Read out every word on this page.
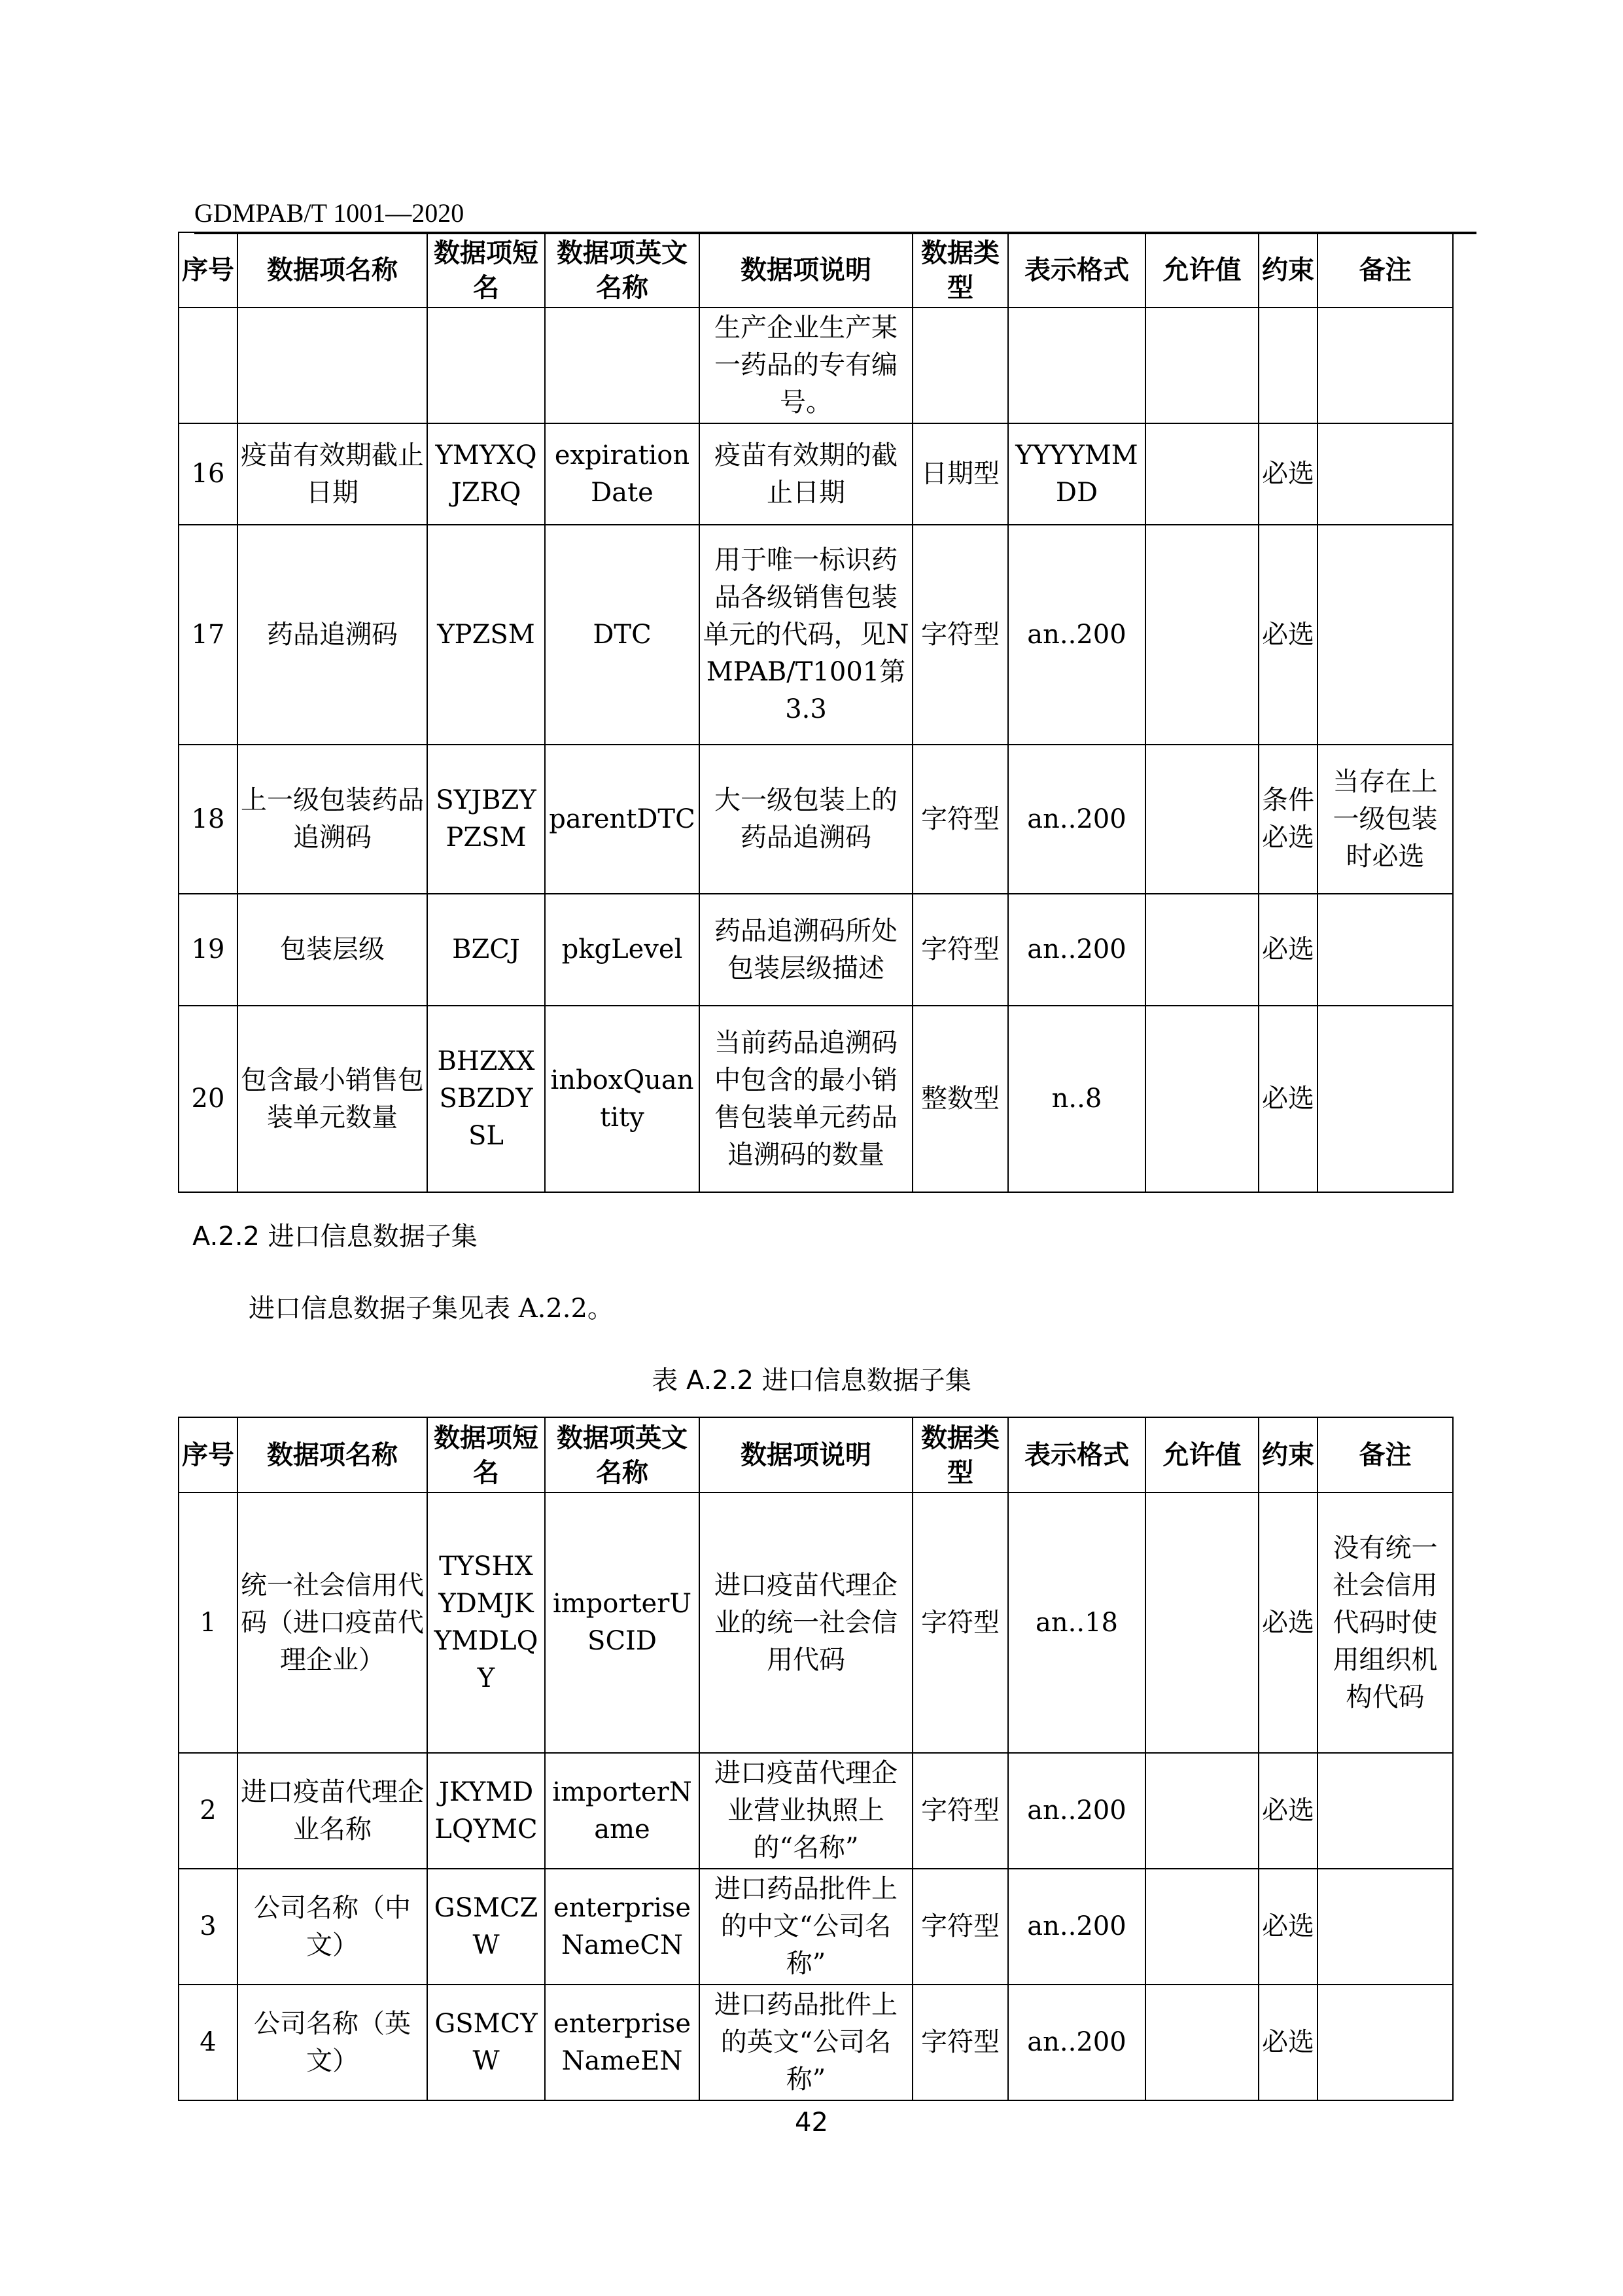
GDMPAB/T 1001—2020
序号	数据项名称	数据项短名	数据项英文名称	数据项说明	数据类型	表示格式	允许值	约束	备注
				生产企业生产某一药品的专有编号。					
16	疫苗有效期截止日期	YMYXQJZRQ	expirationDate	疫苗有效期的截止日期	日期型	YYYYMMDD		必选	
17	药品追溯码	YPZSM	DTC	用于唯一标识药品各级销售包装单元的代码，见NMPAB/T1001第3.3	字符型	an..200		必选	
18	上一级包装药品追溯码	SYJBZYPZSM	parentDTC	大一级包装上的药品追溯码	字符型	an..200		条件必选	当存在上一级包装时必选
19	包装层级	BZCJ	pkgLevel	药品追溯码所处包装层级描述	字符型	an..200		必选	
20	包含最小销售包装单元数量	BHZXXSBZDYSL	inboxQuantity	当前药品追溯码中包含的最小销售包装单元药品追溯码的数量	整数型	n..8		必选	
A.2.2 进口信息数据子集
进口信息数据子集见表 A.2.2。
表 A.2.2 进口信息数据子集
序号	数据项名称	数据项短名	数据项英文名称	数据项说明	数据类型	表示格式	允许值	约束	备注
1	统一社会信用代码（进口疫苗代理企业）	TYSHXYDMJKYMDLQY	importerUSCID	进口疫苗代理企业的统一社会信用代码	字符型	an..18		必选	没有统一社会信用代码时使用组织机构代码
2	进口疫苗代理企业名称	JKYMDLQYMC	importerName	进口疫苗代理企业营业执照上的“名称”	字符型	an..200		必选	
3	公司名称（中文）	GSMCZW	enterpriseNameCN	进口药品批件上的中文“公司名称”	字符型	an..200		必选	
4	公司名称（英文）	GSMCYW	enterpriseNameEN	进口药品批件上的英文“公司名称”	字符型	an..200		必选	
42
